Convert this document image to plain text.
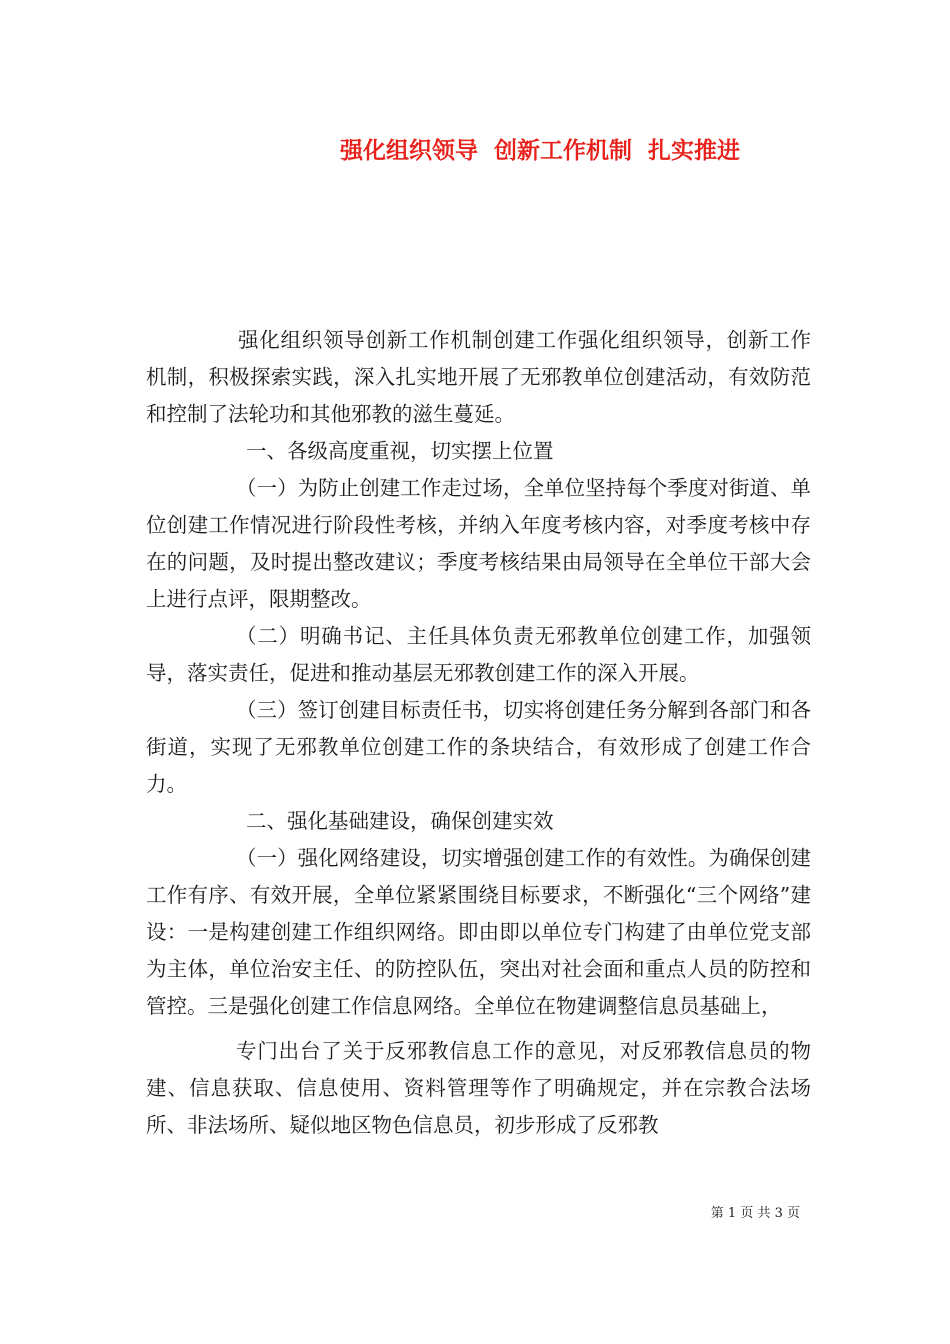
强化组织领导  创新工作机制  扎实推进

强化组织领导创新工作机制创建工作强化组织领导，创新工作机制，积极探索实践，深入扎实地开展了无邪教单位创建活动，有效防范和控制了法轮功和其他邪教的滋生蔓延。

一、各级高度重视，切实摆上位置

（一）为防止创建工作走过场，全单位坚持每个季度对街道、单位创建工作情况进行阶段性考核，并纳入年度考核内容，对季度考核中存在的问题，及时提出整改建议；季度考核结果由局领导在全单位干部大会上进行点评，限期整改。

（二）明确书记、主任具体负责无邪教单位创建工作，加强领导，落实责任，促进和推动基层无邪教创建工作的深入开展。

（三）签订创建目标责任书，切实将创建任务分解到各部门和各街道，实现了无邪教单位创建工作的条块结合，有效形成了创建工作合力。

二、强化基础建设，确保创建实效

（一）强化网络建设，切实增强创建工作的有效性。为确保创建工作有序、有效开展，全单位紧紧围绕目标要求，不断强化“三个网络”建设：一是构建创建工作组织网络。即由即以单位专门构建了由单位党支部为主体，单位治安主任、的防控队伍，突出对社会面和重点人员的防控和管控。三是强化创建工作信息网络。全单位在物建调整信息员基础上，

专门出台了关于反邪教信息工作的意见，对反邪教信息员的物建、信息获取、信息使用、资料管理等作了明确规定，并在宗教合法场所、非法场所、疑似地区物色信息员，初步形成了反邪教

第 1 页 共 3 页
